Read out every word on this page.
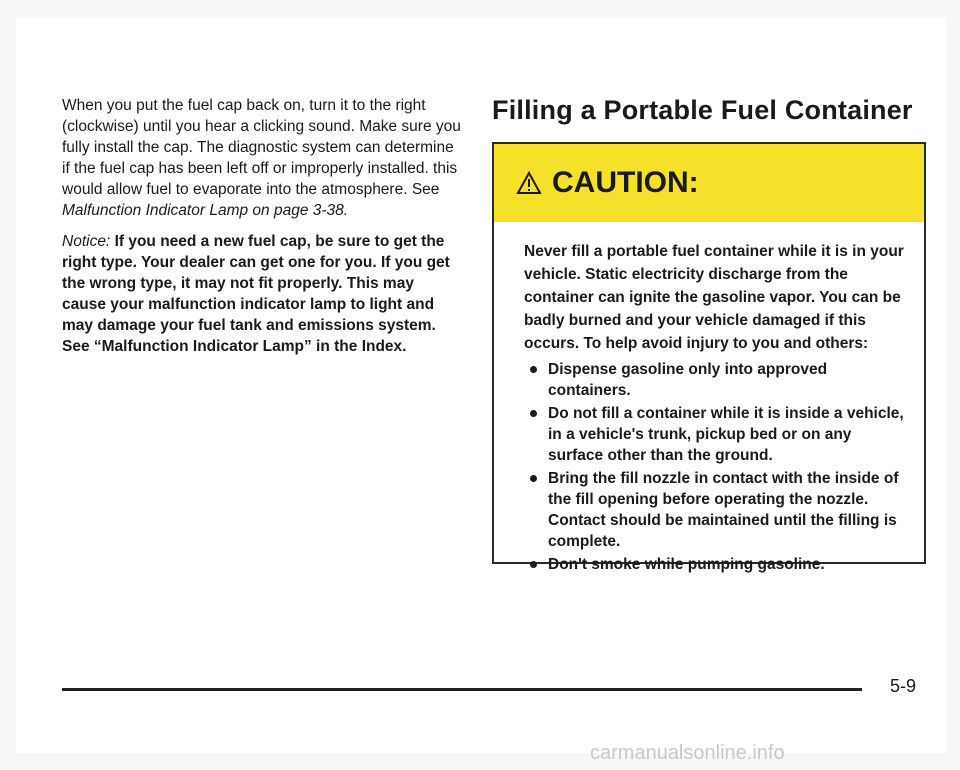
When you put the fuel cap back on, turn it to the right (clockwise) until you hear a clicking sound. Make sure you fully install the cap. The diagnostic system can determine if the fuel cap has been left off or improperly installed. this would allow fuel to evaporate into the atmosphere. See Malfunction Indicator Lamp on page 3-38.

Notice: If you need a new fuel cap, be sure to get the right type. Your dealer can get one for you. If you get the wrong type, it may not fit properly. This may cause your malfunction indicator lamp to light and may damage your fuel tank and emissions system. See “Malfunction Indicator Lamp” in the Index.

Filling a Portable Fuel Container
CAUTION:

Never fill a portable fuel container while it is in your vehicle. Static electricity discharge from the container can ignite the gasoline vapor. You can be badly burned and your vehicle damaged if this occurs. To help avoid injury to you and others:

Dispense gasoline only into approved containers.
Do not fill a container while it is inside a vehicle, in a vehicle's trunk, pickup bed or on any surface other than the ground.
Bring the fill nozzle in contact with the inside of the fill opening before operating the nozzle. Contact should be maintained until the filling is complete.
Don't smoke while pumping gasoline.
5-9
carmanualsonline.info
